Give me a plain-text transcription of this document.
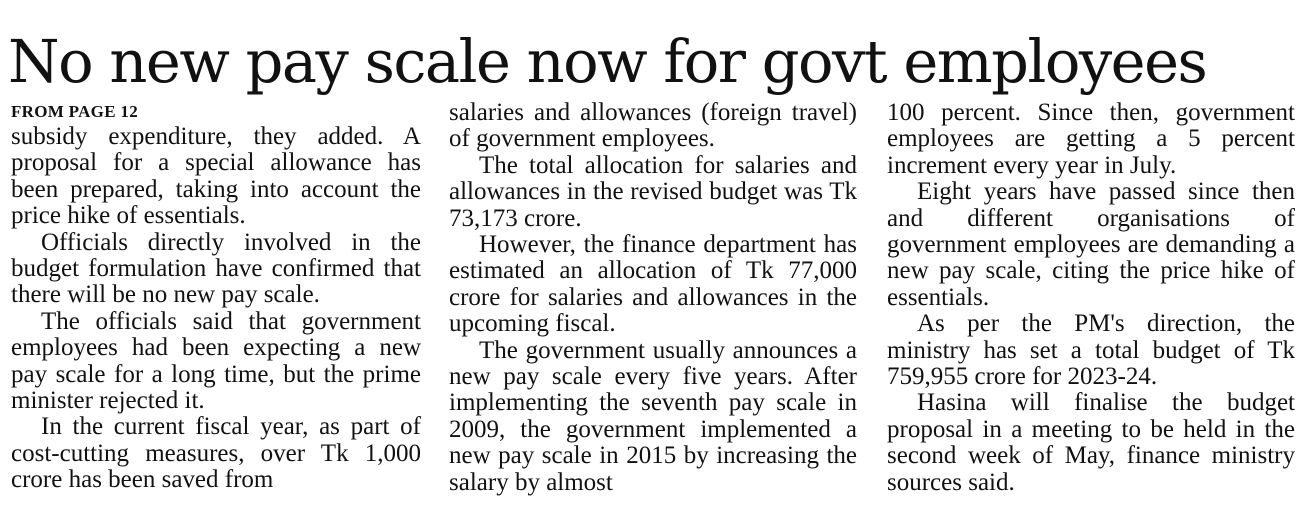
No new pay scale now for govt employees
FROM PAGE 12

subsidy expenditure, they added. A proposal for a special allowance has been prepared, taking into account the price hike of essentials.

Officials directly involved in the budget formulation have confirmed that there will be no new pay scale.

The officials said that government employees had been expecting a new pay scale for a long time, but the prime minister rejected it.

In the current fiscal year, as part of cost-cutting measures, over Tk 1,000 crore has been saved from

salaries and allowances (foreign travel) of government employees.

The total allocation for salaries and allowances in the revised budget was Tk 73,173 crore.

However, the finance department has estimated an allocation of Tk 77,000 crore for salaries and allowances in the upcoming fiscal.

The government usually announces a new pay scale every five years. After implementing the seventh pay scale in 2009, the government implemented a new pay scale in 2015 by increasing the salary by almost

100 percent. Since then, government employees are getting a 5 percent increment every year in July.

Eight years have passed since then and different organisations of government employees are demanding a new pay scale, citing the price hike of essentials.

As per the PM's direction, the ministry has set a total budget of Tk 759,955 crore for 2023-24.

Hasina will finalise the budget proposal in a meeting to be held in the second week of May, finance ministry sources said.
